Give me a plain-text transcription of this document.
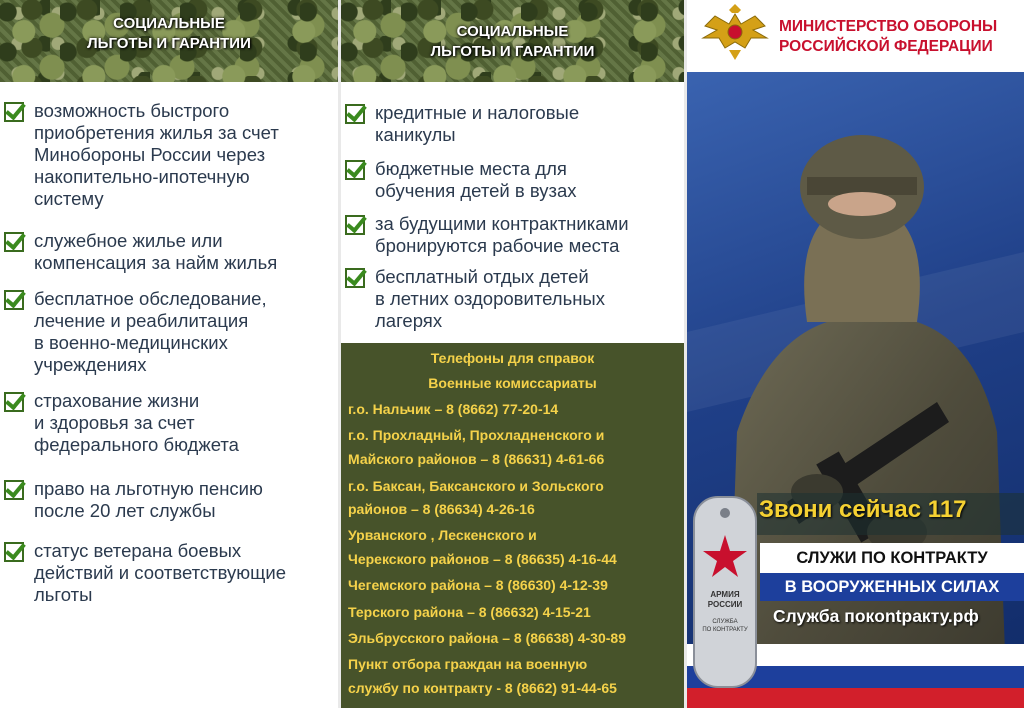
СОЦИАЛЬНЫЕ
ЛЬГОТЫ И ГАРАНТИИ
возможность быстрого
приобретения жилья за счет
Минобороны России через
накопительно-ипотечную
систему
служебное жилье или
компенсация за найм жилья
бесплатное обследование,
лечение и реабилитация
в военно-медицинских
учреждениях
страхование жизни
и здоровья за счет
федерального бюджета
право на льготную пенсию
после 20 лет службы
статус ветерана боевых
действий и соответствующие
льготы
СОЦИАЛЬНЫЕ
ЛЬГОТЫ И ГАРАНТИИ
кредитные и налоговые
каникулы
бюджетные места для
обучения детей в вузах
за будущими контрактниками
бронируются рабочие места
бесплатный отдых детей
в летних оздоровительных
лагерях
Телефоны для справок
Военные комиссариаты
г.о. Нальчик – 8 (8662) 77-20-14
г.о. Прохладный, Прохладненского и
Майского районов – 8 (86631) 4-61-66
г.о. Баксан, Баксанского и Зольского
районов – 8 (86634) 4-26-16
Урванского , Лескенского и
Черекского районов – 8 (86635) 4-16-44
Чегемского района – 8 (86630) 4-12-39
Терского района – 8 (86632) 4-15-21
Эльбрусского района – 8 (86638) 4-30-89
Пункт отбора граждан на военную
службу по контракту - 8 (8662) 91-44-65
МИНИСТЕРСТВО ОБОРОНЫ
РОССИЙСКОЙ ФЕДЕРАЦИИ
Звони сейчас 117
СЛУЖИ ПО КОНТРАКТУ
В ВООРУЖЕННЫХ СИЛАХ
Служба покontракту.рф
АРМИЯ
РОССИИ
СЛУЖБА
ПО КОНТРАКТУ
